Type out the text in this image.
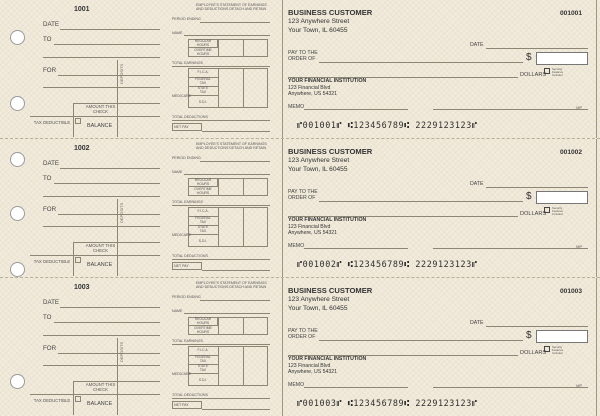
1001
DATE
TO
FOR	DEPOSITS
AMOUNT THIS CHECK
TAX DEDUCTIBLE
BALANCE
EMPLOYEE'S STATEMENT OF EARNINGS
AND DEDUCTIONS DETACH AND RETAIN
PERIOD ENDING
NAME
REGULAR
HOURS
OVERTIME
HOURS
TOTAL EARNINGS
F.I.C.A.
FEDERAL
TAX
STATE
TAX
MEDICARE
S.D.I.
TOTAL DEDUCTIONS
NET PAY
BUSINESS CUSTOMER
123 Anywhere Street
Your Town, IL 60455
001001
DATE
PAY TO THE
ORDER OF	$
DOLLARS
Security
Features
Included
YOUR FINANCIAL INSTITUTION
123 Financial Blvd
Anywhere, US 54321
MEMO	MP
⑈001001⑈ ⑆123456789⑆ 2229123123⑈
1002
DATE
TO
FOR	DEPOSITS
AMOUNT THIS CHECK
TAX DEDUCTIBLE
BALANCE
EMPLOYEE'S STATEMENT OF EARNINGS
AND DEDUCTIONS DETACH AND RETAIN
PERIOD ENDING
NAME
REGULAR
HOURS
OVERTIME
HOURS
TOTAL EARNINGS
F.I.C.A.
FEDERAL
TAX
STATE
TAX
MEDICARE
S.D.I.
TOTAL DEDUCTIONS
NET PAY
BUSINESS CUSTOMER
123 Anywhere Street
Your Town, IL 60455
001002
DATE
PAY TO THE
ORDER OF	$
DOLLARS
Security
Features
Included
YOUR FINANCIAL INSTITUTION
123 Financial Blvd
Anywhere, US 54321
MEMO	MP
⑈001002⑈ ⑆123456789⑆ 2229123123⑈
1003
DATE
TO
FOR	DEPOSITS
AMOUNT THIS CHECK
TAX DEDUCTIBLE
BALANCE
EMPLOYEE'S STATEMENT OF EARNINGS
AND DEDUCTIONS DETACH AND RETAIN
PERIOD ENDING
NAME
REGULAR
HOURS
OVERTIME
HOURS
TOTAL EARNINGS
F.I.C.A.
FEDERAL
TAX
STATE
TAX
MEDICARE
S.D.I.
TOTAL DEDUCTIONS
NET PAY
BUSINESS CUSTOMER
123 Anywhere Street
Your Town, IL 60455
001003
DATE
PAY TO THE
ORDER OF	$
DOLLARS
Security
Features
Included
YOUR FINANCIAL INSTITUTION
123 Financial Blvd
Anywhere, US 54321
MEMO	MP
⑈001003⑈ ⑆123456789⑆ 2229123123⑈
